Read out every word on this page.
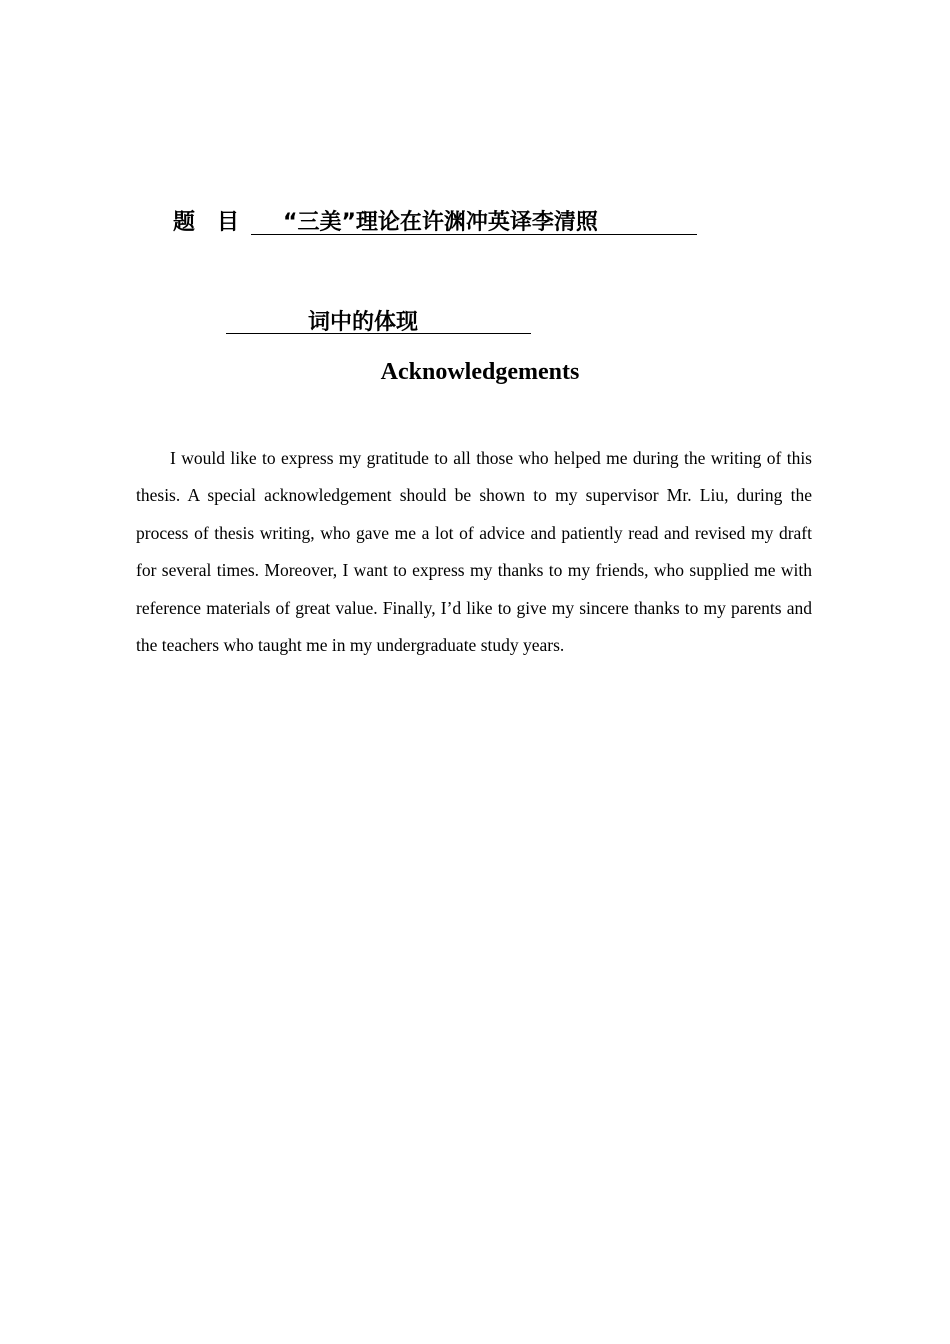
题　目	“三美”理论在许渊冲英译李清照
词中的体现
Acknowledgements

I would like to express my gratitude to all those who helped me during the writing of this thesis. A special acknowledgement should be shown to my supervisor Mr. Liu, during the process of thesis writing, who gave me a lot of advice and patiently read and revised my draft for several times. Moreover, I want to express my thanks to my friends, who supplied me with reference materials of great value. Finally, I’d like to give my sincere thanks to my parents and the teachers who taught me in my undergraduate study years.
